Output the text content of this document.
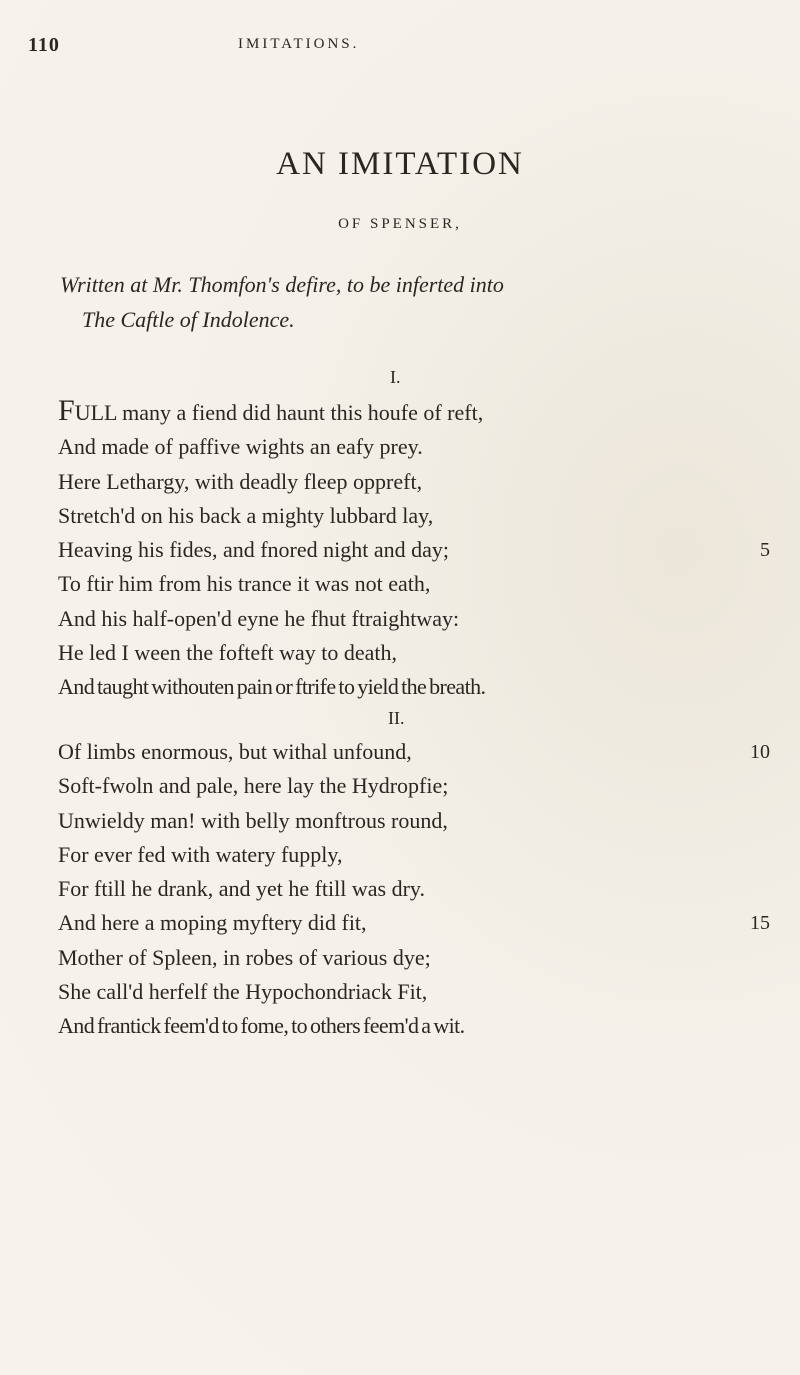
110	IMITATIONS.
AN IMITATION
OF SPENSER,
Written at Mr. Thomfon's defire, to be inferted into
The Caftle of Indolence.
I.
FULL many a fiend did haunt this houfe of reft,
And made of paffive wights an eafy prey.
Here Lethargy, with deadly fleep oppreft,
Stretch'd on his back a mighty lubbard lay,
Heaving his fides, and fnored night and day;	5
To ftir him from his trance it was not eath,
And his half-open'd eyne he fhut ftraightway:
He led I ween the fofteft way to death,
And taught withouten pain or ftrife to yield the breath.
II.
Of limbs enormous, but withal unfound,	10
Soft-fwoln and pale, here lay the Hydropfie;
Unwieldy man! with belly monftrous round,
For ever fed with watery fupply,
For ftill he drank, and yet he ftill was dry.
And here a moping myftery did fit,	15
Mother of Spleen, in robes of various dye;
She call'd herfelf the Hypochondriack Fit,
And frantick feem'd to fome, to others feem'd a wit.
